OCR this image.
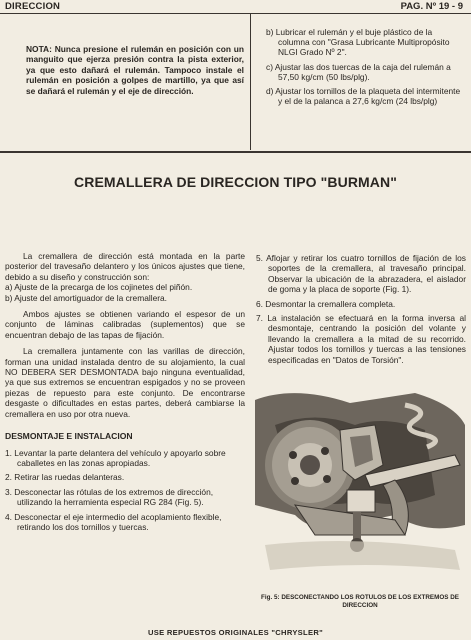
DIRECCION	PAG. Nº 19 - 9
NOTA: Nunca presione el rulemán en posición con un manguito que ejerza presión contra la pista exterior, ya que esto dañará el rulemán. Tampoco instale el rulemán en posición a golpes de martillo, ya que así se dañará el rulemán y el eje de dirección.

b) Lubricar el rulemán y el buje plástico de la columna con "Grasa Lubricante Multipropósito NLGI Grado Nº 2".

c) Ajustar las dos tuercas de la caja del rulemán a 57,50 kg/cm (50 lbs/plg).

d) Ajustar los tornillos de la plaqueta del intermitente y el de la palanca a 27,6 kg/cm (24 lbs/plg)

CREMALLERA DE DIRECCION TIPO "BURMAN"

La cremallera de dirección está montada en la parte posterior del travesaño delantero y los únicos ajustes que tiene, debido a su diseño y construcción son:

a) Ajuste de la precarga de los cojinetes del piñón.

b) Ajuste del amortiguador de la cremallera.

Ambos ajustes se obtienen variando el espesor de un conjunto de láminas calibradas (suplementos) que se encuentran debajo de las tapas de fijación.

La cremallera juntamente con las varillas de dirección, forman una unidad instalada dentro de su alojamiento, la cual NO DEBERA SER DESMONTADA bajo ninguna eventualidad, ya que sus extremos se encuentran espigados y no se proveen piezas de repuesto para este conjunto. De encontrarse desgaste o dificultades en estas partes, deberá cambiarse la cremallera en uso por otra nueva.

DESMONTAJE E INSTALACION

1. Levantar la parte delantera del vehículo y apoyarlo sobre caballetes en las zonas apropiadas.

2. Retirar las ruedas delanteras.

3. Desconectar las rótulas de los extremos de dirección, utilizando la herramienta especial RG 284 (Fig. 5).

4. Desconectar el eje intermedio del acoplamiento flexible, retirando los dos tornillos y tuercas.

5. Aflojar y retirar los cuatro tornillos de fijación de los soportes de la cremallera, al travesaño principal. Observar la ubicación de la abrazadera, el aislador de goma y la placa de soporte (Fig. 1).

6. Desmontar la cremallera completa.

7. La instalación se efectuará en la forma inversa al desmontaje, centrando la posición del volante y llevando la cremallera a la mitad de su recorrido. Ajustar todos los tornillos y tuercas a las tensiones especificadas en "Datos de Torsión".

Fig. 5: DESCONECTANDO LOS ROTULOS DE LOS EXTREMOS DE DIRECCION
USE REPUESTOS ORIGINALES "CHRYSLER"
